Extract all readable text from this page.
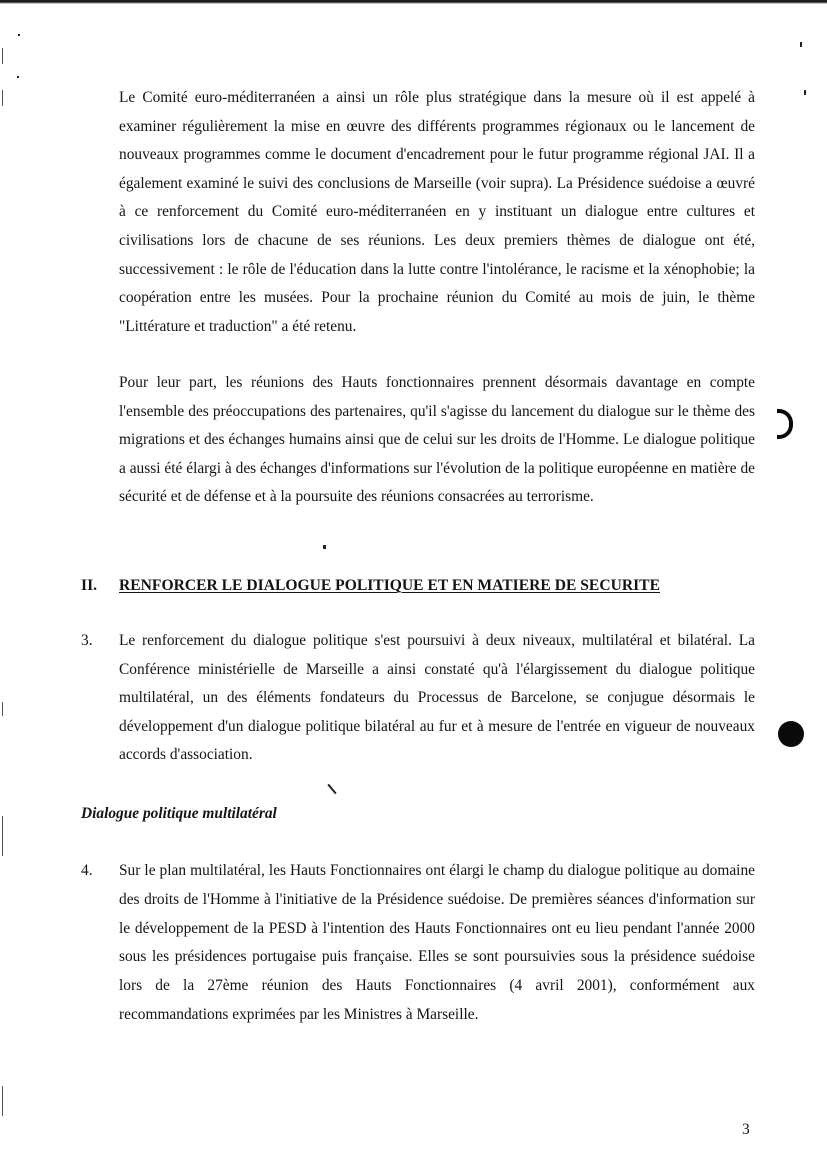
Le Comité euro-méditerranéen a ainsi un rôle plus stratégique dans la mesure où il est appelé à examiner régulièrement la mise en œuvre des différents programmes régionaux ou le lancement de nouveaux programmes comme le document d'encadrement pour le futur programme régional JAI. Il a également examiné le suivi des conclusions de Marseille (voir supra). La Présidence suédoise a œuvré à ce renforcement du Comité euro-méditerranéen en y instituant un dialogue entre cultures et civilisations lors de chacune de ses réunions. Les deux premiers thèmes de dialogue ont été, successivement : le rôle de l'éducation dans la lutte contre l'intolérance, le racisme et la xénophobie; la coopération entre les musées. Pour la prochaine réunion du Comité au mois de juin, le thème "Littérature et traduction" a été retenu.

Pour leur part, les réunions des Hauts fonctionnaires prennent désormais davantage en compte l'ensemble des préoccupations des partenaires, qu'il s'agisse du lancement du dialogue sur le thème des migrations et des échanges humains ainsi que de celui sur les droits de l'Homme. Le dialogue politique a aussi été élargi à des échanges d'informations sur l'évolution de la politique européenne en matière de sécurité et de défense et à la poursuite des réunions consacrées au terrorisme.

II. RENFORCER LE DIALOGUE POLITIQUE ET EN MATIERE DE SECURITE

3. Le renforcement du dialogue politique s'est poursuivi à deux niveaux, multilatéral et bilatéral. La Conférence ministérielle de Marseille a ainsi constaté qu'à l'élargissement du dialogue politique multilatéral, un des éléments fondateurs du Processus de Barcelone, se conjugue désormais le développement d'un dialogue politique bilatéral au fur et à mesure de l'entrée en vigueur de nouveaux accords d'association.

Dialogue politique multilatéral

4. Sur le plan multilatéral, les Hauts Fonctionnaires ont élargi le champ du dialogue politique au domaine des droits de l'Homme à l'initiative de la Présidence suédoise. De premières séances d'information sur le développement de la PESD à l'intention des Hauts Fonctionnaires ont eu lieu pendant l'année 2000 sous les présidences portugaise puis française. Elles se sont poursuivies sous la présidence suédoise lors de la 27ème réunion des Hauts Fonctionnaires (4 avril 2001), conformément aux recommandations exprimées par les Ministres à Marseille.

3
